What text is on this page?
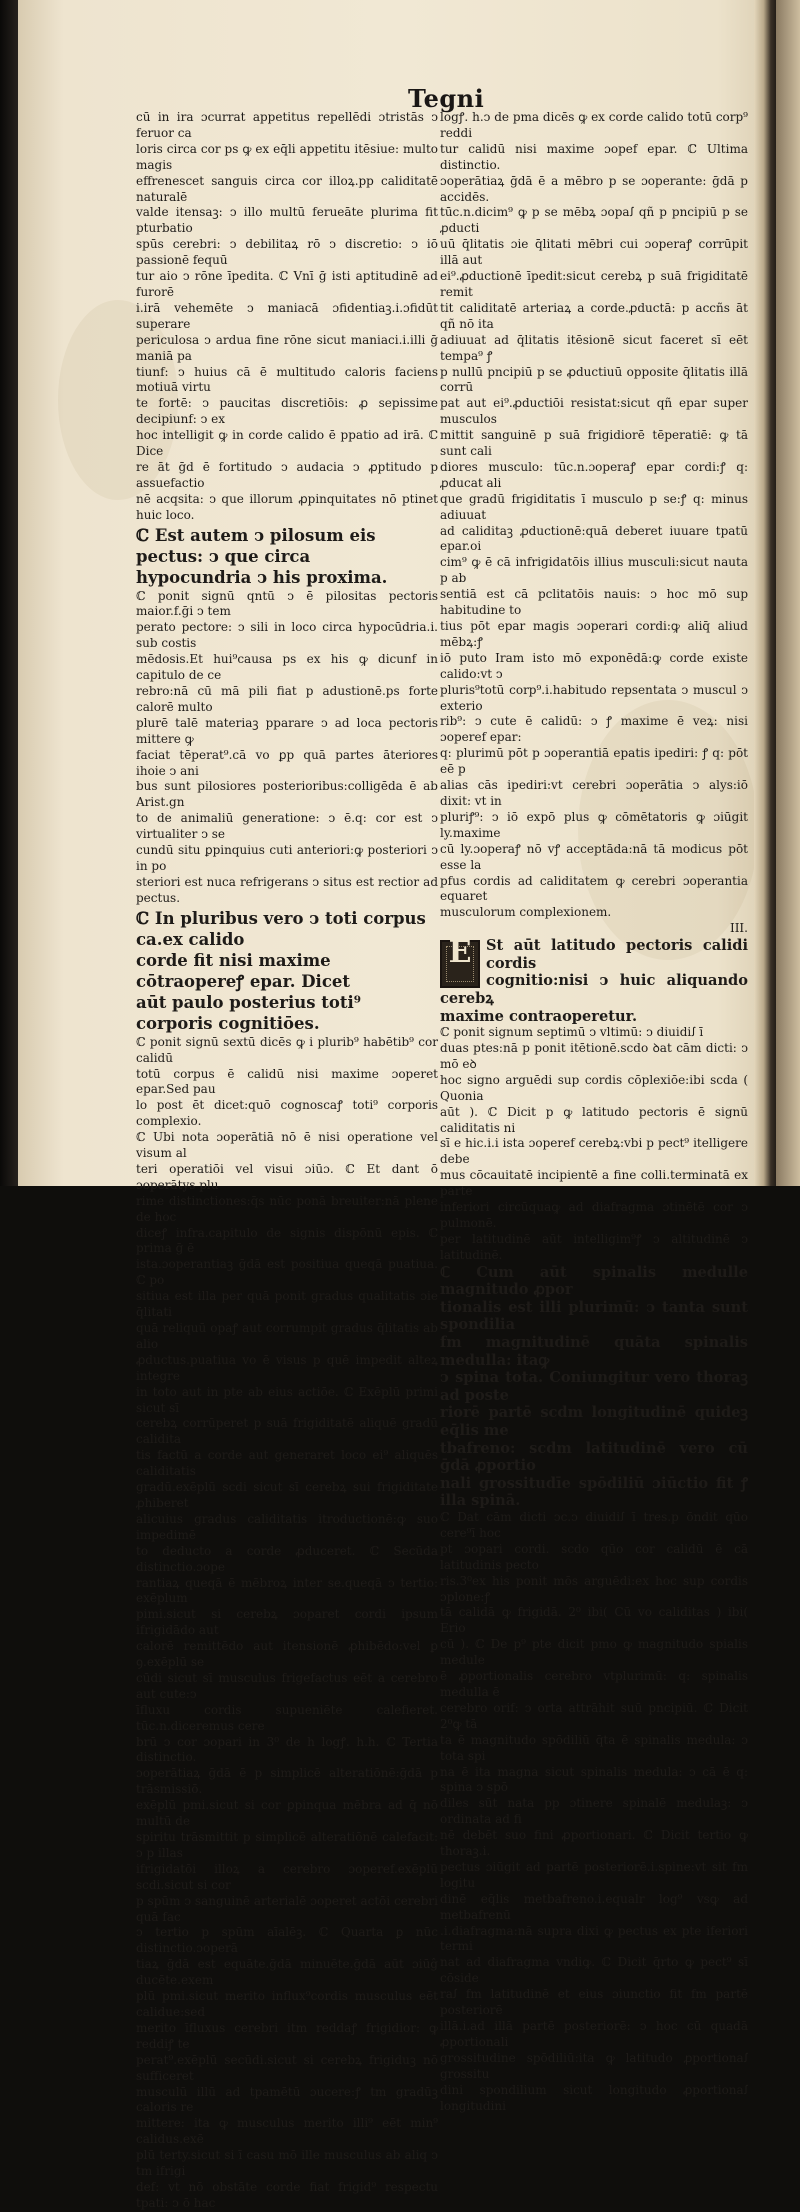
Tegni

cū in ira ɔcurrat appetitus repellēdi ɔtristās ↄ feruor ca

loris circa cor ps ꝙ ex eq̄li appetitu itēsiue: multo magis

effrenescet sanguis circa cor illoꝝ.pp caliditatē naturalē

valde itensaꝫ: ↄ illo multū ferueāte plurima fit pturbatio

spūs cerebri: ↄ debilitaꝝ rō ↄ discretio: ↄ iō passionē fequū

tur aio ↄ rōne īpedita. ℂ Vnī ḡ isti aptitudinē ad furorē

i.irā vehemēte ↄ maniacā ɔfidentiaꝫ.i.ɔfidūt superare

periculosa ↄ ardua fine rōne sicut maniaci.i.illi ḡ maniā pa

tiunf: ↄ huius cā ē multitudo caloris faciens motiuā virtu

te fortē: ↄ paucitas discretiōis: ꝓ sepissime decipiunf: ↄ ex

hoc intelligit ꝙ in corde calido ē ppatio ad irā. ℂ Dice

re āt ḡd ē fortitudo ↄ audacia ↄ ꝓptitudo p assuefactio

nē acqsita: ↄ que illorum ꝓpinquitates nō ptinet huic loco.

ℂ Est autem ↄ pilosum eis pectus: ↄ que circa

hypocundria ↄ his proxima.

ℂ ponit signū qntū ↄ ē pilositas pectoris maior.f.ḡi ↄ tem

perato pectore: ↄ sili in loco circa hypocūdria.i. sub costis

mēdosis.Et hui⁹causa ps ex his ꝙ dicunf in capitulo de ce

rebro:nā cū mā pili fiat p adustionē.ps forte calorē multo

plurē talē materiaꝫ pparare ↄ ad loca pectoris mittere ꝙ

faciat tēperat⁹.cā vo ꝑp quā partes āteriores ihoie ↄ ani

bus sunt pilosiores posterioribus:colligēda ē ab Arist.gn

to de animaliū generatione: ↄ ē.q: cor est ↄ virtualiter ↄ se

cundū situ ꝑpinquius cuti anteriori:ꝙ posteriori ↄ in po

steriori est nuca refrigerans ↄ situs est rectior ad pectus.

ℂ In pluribus vero ↄ toti corpus ca.ex calido

corde fit nisi maxime cōtraopereꝭ epar. Dicet

aūt paulo posterius toti⁹ corporis cognitiōes.

ℂ ponit signū sextū dicēs ꝙ i plurib⁹ habētib⁹ cor calidū

totū corpus ē calidū nisi maxime ɔoperet epar.Sed pau

lo post ēt dicet:quō cognoscaꝭ toti⁹ corporis complexio.

ℂ Ubi nota ɔoperātiā nō ē nisi operatione vel visum al

teri operatiōi vel visui ɔiūɔ. ℂ Et dant ō ɔoperātys plu

rime distinctiones:q̄s nūc ponā breuiter:nā plene de hoc

diceꝭ infra.capitulo de signis dispōnū epis. ℂ prima ḡ ē

ista.ɔoperantiaꝫ ḡdā est positiua queqā puatiua. ℂ po

sitiua est illa per quā ponit gradus qualitatis ɔie q̄litati

quā reliquū opaꝭ aut corrumpit gradus q̄litatis ab alio

ꝓductus.puatiua vo ē visus p quē impedit alteꝝ integre

in toto aut in pte ab eius actiōe. ℂ Exēplū primi sicut sī

cerebꝝ corrūperet p suā frigiditatē aliquē gradū calidita

tis factū a corde aut generaret loco ei⁹ aliquēs caliditatis

gradū.exēplū scdi sicut sī cerebꝝ sui frigiditate ꝓhiberet

alicuius gradus caliditatis itroductionē:ꝙ suo impedimē

to deducto a corde ꝓduceret. ℂ Secūda distinctio.ɔope

rantiaꝝ queqā ē mēbroꝝ inter se.queqā ↄ tertio: exēplum

pimi.sicut si cerebꝝ ɔoparet cordi ipsum ifrigidādo aut

calorē remittēdo aut itensionē ꝓhibēdo:vel ꝑ ꝯ.exēplū se

cūdi sicut sī musculus frigefactus eēt a cerebro aut cute:ↄ

īfluxu cordis supueniēte calefieret. tūc.n.diceremus cere

brū ↄ cor ɔopari in 3⁰ de h logꝭ. h.h. ℂ Tertia distinctio.

ɔoperātiaꝝ ḡdā ē p simplicē alteratiōnē:ḡdā p trāsmissiō.

exēplū pmi.sicut si cor ꝑpinqua mēbra ad q̄ nō multū de

spiritu trāsmittit p simplicē alteratiōnē calefacit: ↄ p illas

ifrigidatōi illoꝝ a cerebro ɔoperef.exēplū scdi.sicut si cor

p spūm ↄ sanguinē arterialē ɔoperet actōi cerebri quā fac

ↄ tertio p spūm aīalēꝫ. ℂ Quarta ꝑ nūc distinctio.ɔoperā

tiaꝝ ḡdā est equāte.ḡdā minuēte.ḡdā aūt ɔiūĝ ducēte.exem

plū pmi.sicut merito influx⁹cordis musculus eēt calidue:sed

merito īfluxus cerebri itm reddaꝭ frigidior: ꝙ reddiꝭ te

perat⁹.exēplū secūdi.sicut si cerebꝝ frigiduꝫ nō sufficeret

musculū illū ad tpamētū ɔucere:ꝭ tm gradūꝫ caloris re

mittere: ita ꝙ musculus merito illi⁹ eēt min⁹ calidus.exē

plū terty.sicut si ī casu mō ille musculus ab aliq ↄ tm ifrigi

def: vt nō obstāte corde fiat frigid⁹ respectu tpati: ↄ ō hac

logꝭ. h.ↄ de pma dicēs ꝙ ex corde calido totū corp⁹ reddi

tur calidū nisi maxime ɔopef epar. ℂ Ultima distinctio.

ɔoperātiaꝝ ḡdā ē a mēbro p se ɔoperante: ḡdā p accidēs.

tūc.n.dicim⁹ ꝙ p se mēbꝝ ɔopaꭍ qñ p pncipiū p se ꝓducti

uū q̄litatis ɔie q̄litati mēbri cui ɔoperaꝭ corrūpit illā aut

ei⁹.ꝓductionē īpedit:sicut cerebꝝ p suā frigiditatē remit

tit caliditatē arteriaꝝ a corde.ꝓductā: p accñs āt qñ nō ita

adiuuat ad q̄litatis itēsionē sicut faceret sī eēt tempa⁹ ꝭ

p nullū pncipiū p se ꝓductiuū opposite q̄litatis illā corrū

pat aut ei⁹.ꝓductiōi resistat:sicut qñ epar super musculos

mittit sanguinē p suā frigidiorē tēperatiē: ꝙ tā sunt cali

diores musculo: tūc.n.ɔoperaꝭ epar cordi:ꝭ q: ꝓducat ali

que gradū frigiditatis ī musculo p se:ꝭ q: minus adiuuat

ad caliditaꝫ ꝓductionē:quā deberet iuuare tpatū epar.oi

cim⁹ ꝙ ē cā infrigidatōis illius musculi:sicut nauta p ab

sentiā est cā pclitatōis nauis: ↄ hoc mō sup habitudine to

tius pōt epar magis ɔoperari cordi:ꝙ aliq̄ aliud mēbꝝ:ꝭ

iō puto Iram isto mō exponēdā:ꝙ corde existe calido:vt ↄ

pluris⁹totū corp⁹.i.habitudo repsentata ↄ muscul ↄ exterio

rib⁹: ↄ cute ē calidū: ↄ ꝭ maxime ē veꝝ: nisi ɔoperef epar:

q: plurimū pōt p ɔoperantiā epatis ipediri: ꝭ q: pōt eē p

alias cās ipediri:vt cerebri ɔoperātia ↄ alys:iō dixit: vt in

pluriꝭ⁹: ↄ iō expō plus ꝙ cōmētatoris ꝙ ɔiūgit ly.maxime

cū ly.ɔoperaꝭ nō vꝭ acceptāda:nā tā modicus pōt esse la

pfus cordis ad caliditatem ꝙ cerebri ɔoperantia equaret

musculorum complexionem.

III.

E St aūt latitudo pectoris calidi cordis

cognitio:nisi ↄ huic aliquando cerebꝝ

maxime contraoperetur.

ℂ ponit signum septimū ↄ vltimū: ↄ diuidiꭍ ī

duas ptes:nā p ponit itētionē.scdo ꝺat cām dicti: ↄ mō eꝺ

hoc signo arguēdi sup cordis cōplexiōe:ibi scda ( Quonia

aūt ). ℂ Dicit p ꝙ latitudo pectoris ē signū caliditatis ni

sī e hic.i.i ista ɔoperef cerebꝝ:vbi p pect⁹ itelligere debe

mus cōcauitatē incipientē a fine colli.terminatā ex parte

inferiori circūquaꝙ ad diafragma ɔtinētē cor ↄ pulmonē.

per latitudinē aūt intelligim⁹ꝭ ↄ altitudinē ↄ latitudinē.

ℂ Cum aūt spinalis medulle magnitudo ꝓpor

tionalis est illi plurimū: ↄ tanta sunt spondilia

fm magnitudinē quāta spinalis medulla: itaꝙ

ↄ spina tota. Coniungitur vero thoraꝫ ad poste

riorē partē scdm longitudinē quideꝫ eq̄lis me

tbafreno: scdm latitudinē vero cū ḡdā ꝓportio

nali grossitudīe spōdiliū ɔiūctio fit ꝭ illa spinā.

ℂ Dat cām dicti ↄc.ↄ diuidiꭍ ī tres.p ōndit qūo cere⁹ī hoc

pt ɔopari cordi. scdo qūo cor calidū ē cā latitudinis pecto

ris.3⁰ex his ponit mōs arguēdi:ex hoc sup cordis ɔplone:ꝭ

tā calidā ꝙ frigidā. 2⁰ ibi( Cū vo caliditas ) ibi( Erio

cū ). ℂ De p⁹ pte dicit pmo ꝙ magnitudo spialis medule

ē ꝓportionalis cerebro vtplurimū: q: spinalis medulla ē

cerebro orif: ↄ orta attrāhit suū pncipiū. ℂ Dicit 2⁰ꝙ tā

ta ē magnitudo spōdiliū q̄ta ē spinalis medula: ↄ tota spi

na ē ita magna sicut spinalis medula: ↄ cā ē q: spina ↄ spō

diles sūt nata pp ɔtinere spinalē medulaꝫ: ↄ ordinata ad fi

nē debēt suo fini ꝓportionari. ℂ Dicit tertio ꝙ thoraꝫ.i.

pectus ɔiūgit ad partē posteriorē.i.spine:vt sit fm logitu

dinē eq̄lis metbafreno.i.equalr log⁹ vsꝙ ad metbafrenū

.i.diafragma:nā supra dixi ꝙ pectus ex pte iferiori termi

nat ad diafragma vndiꝙ. ℂ Dicit q̄rto ꝙ pect⁹ sī cōside

raꭍ fm latitudinē et eius ɔiunctio fit fm partē posteriorē

illā.i.ad illā partē posteriorē: ↄ hoc cū quadā ꝓportionali

grossitudine spōdiliū:ita ꝙ latitudo ꝓportionaꭍ grossitu

dini spondilium sicut longitudo ꝓportionaꭍ longitudini
